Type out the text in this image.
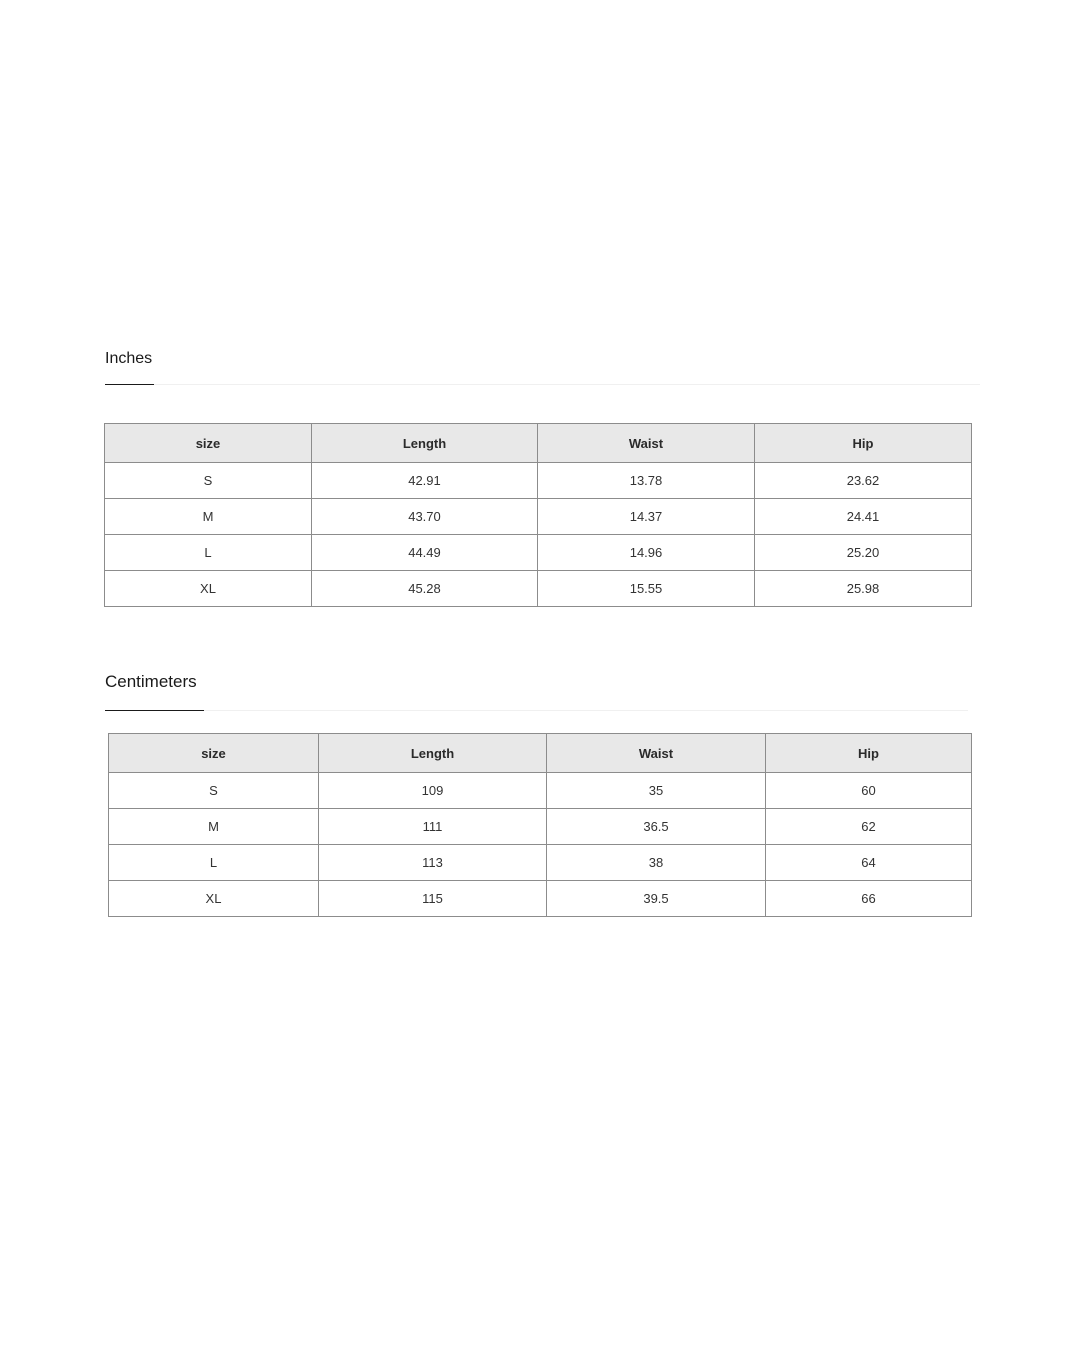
Inches
size	Length	Waist	Hip
S	42.91	13.78	23.62
M	43.70	14.37	24.41
L	44.49	14.96	25.20
XL	45.28	15.55	25.98
Centimeters
size	Length	Waist	Hip
S	109	35	60
M	111	36.5	62
L	113	38	64
XL	115	39.5	66
